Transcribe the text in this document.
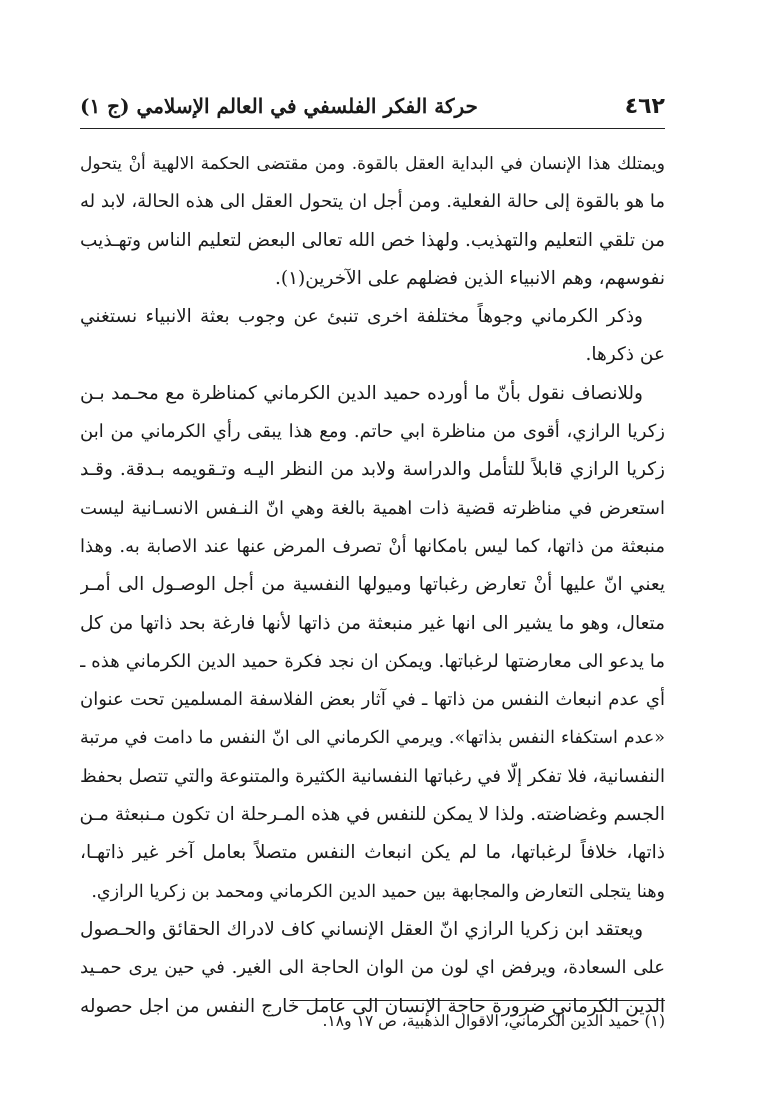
٤٦٢
حركة الفكر الفلسفي في العالم الإسلامي (ج ١)
ويمتلك هذا الإنسان في البداية العقل بالقوة. ومن مقتضى الحكمة الالهية أنْ يتحول
ما هو بالقوة إلى حالة الفعلية. ومن أجل ان يتحول العقل الى هذه الحالة، لابد له
من تلقي التعليم والتهذيب. ولهذا خص الله تعالى البعض لتعليم الناس وتهـذيب
نفوسهم، وهم الانبياء الذين فضلهم على الآخرين(١).
وذكر الكرماني وجوهاً مختلفة اخرى تنبئ عن وجوب بعثة الانبياء نستغني
عن ذكرها.
وللانصاف نقول بأنّ ما أورده حميد الدين الكرماني كمناظرة مع محـمد بـن
زكريا الرازي، أقوى من مناظرة ابي حاتم. ومع هذا يبقى رأي الكرماني من ابن
زكريا الرازي قابلاً للتأمل والدراسة ولابد من النظر اليـه وتـقويمه بـدقة. وقـد
استعرض في مناظرته قضية ذات اهمية بالغة وهي انّ النـفس الانسـانية ليست
منبعثة من ذاتها، كما ليس بامكانها أنْ تصرف المرض عنها عند الاصابة به. وهذا
يعني انّ عليها أنْ تعارض رغباتها وميولها النفسية من أجل الوصـول الى أمـر
متعال، وهو ما يشير الى انها غير منبعثة من ذاتها لأنها فارغة بحد ذاتها من كل
ما يدعو الى معارضتها لرغباتها. ويمكن ان نجد فكرة حميد الدين الكرماني هذه ـ
أي عدم انبعاث النفس من ذاتها ـ في آثار بعض الفلاسفة المسلمين تحت عنوان
«عدم استكفاء النفس بذاتها». ويرمي الكرماني الى انّ النفس ما دامت في مرتبة
النفسانية، فلا تفكر إلّا في رغباتها النفسانية الكثيرة والمتنوعة والتي تتصل بحفظ
الجسم وغضاضته. ولذا لا يمكن للنفس في هذه المـرحلة ان تكون مـنبعثة مـن
ذاتها، خلافاً لرغباتها، ما لم يكن انبعاث النفس متصلاً بعامل آخر غير ذاتهـا،
وهنا يتجلى التعارض والمجابهة بين حميد الدين الكرماني ومحمد بن زكريا الرازي.
ويعتقد ابن زكريا الرازي انّ العقل الإنساني كاف لادراك الحقائق والحـصول
على السعادة، ويرفض اي لون من الوان الحاجة الى الغير. في حين يرى حمـيد
الدين الكرماني ضرورة حاجة الإنسان الى عامل خارج النفس من اجل حصوله
(١) حميد الدين الكرماني، الاقوال الذهبية، ص ١٧ و١٨.
